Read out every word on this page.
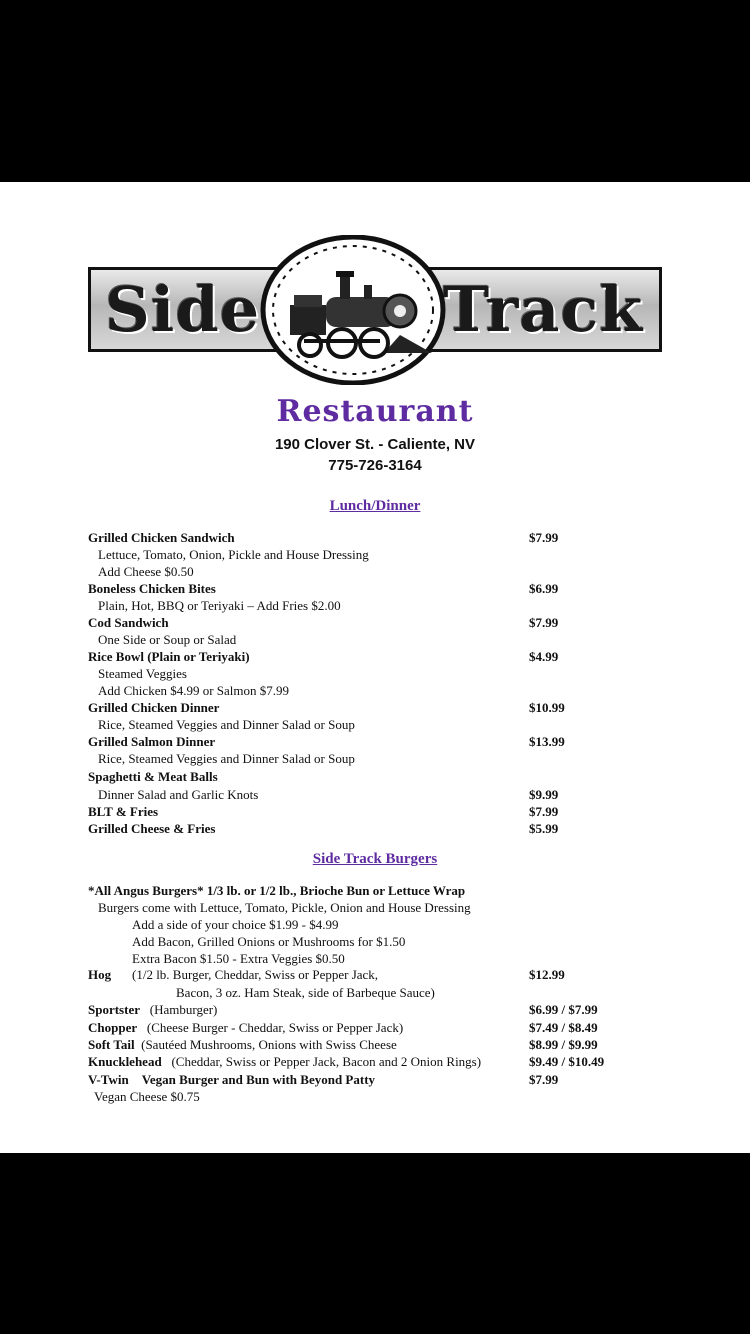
Side	Track
Restaurant
190 Clover St. - Caliente, NV
775-726-3164
Lunch/Dinner
Grilled Chicken Sandwich	$7.99
Lettuce, Tomato, Onion, Pickle and House Dressing
Add Cheese $0.50
Boneless Chicken Bites	$6.99
Plain, Hot, BBQ or Teriyaki – Add Fries $2.00
Cod Sandwich	$7.99
One Side or Soup or Salad
Rice Bowl (Plain or Teriyaki)	$4.99
Steamed Veggies
Add Chicken $4.99 or Salmon $7.99
Grilled Chicken Dinner	$10.99
Rice, Steamed Veggies and Dinner Salad or Soup
Grilled Salmon Dinner	$13.99
Rice, Steamed Veggies and Dinner Salad or Soup
Spaghetti & Meat Balls
Dinner Salad and Garlic Knots	$9.99
BLT & Fries	$7.99
Grilled Cheese & Fries	$5.99
Side Track Burgers
*All Angus Burgers* 1/3 lb. or 1/2 lb., Brioche Bun or Lettuce Wrap
Burgers come with Lettuce, Tomato, Pickle, Onion and House Dressing
Add a side of your choice $1.99 - $4.99
Add Bacon, Grilled Onions or Mushrooms for $1.50
Extra Bacon $1.50 - Extra Veggies $0.50
Hog (1/2 lb. Burger, Cheddar, Swiss or Pepper Jack,	$12.99
Bacon, 3 oz. Ham Steak, side of Barbeque Sauce)
Sportster (Hamburger)	$6.99 / $7.99
Chopper (Cheese Burger - Cheddar, Swiss or Pepper Jack)	$7.49 / $8.49
Soft Tail (Sautéed Mushrooms, Onions with Swiss Cheese	$8.99 / $9.99
Knucklehead (Cheddar, Swiss or Pepper Jack, Bacon and 2 Onion Rings)	$9.49 / $10.49
V-Twin Vegan Burger and Bun with Beyond Patty	$7.99
Vegan Cheese $0.75
